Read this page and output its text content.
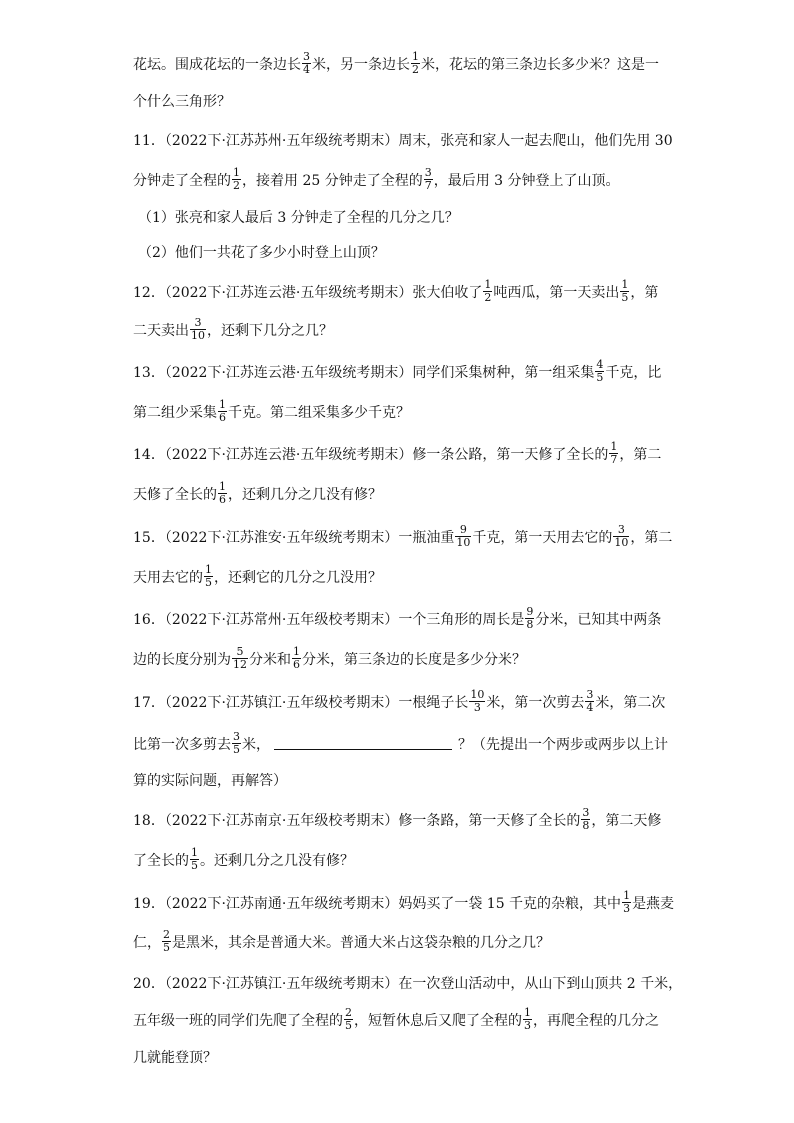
花坛。围成花坛的一条边长 $\frac{3}{4}$ 米，另一条边长 $\frac{1}{2}$ 米，花坛的第三条边长多少米？这是一
个什么三角形？
11．（2022下·江苏苏州·五年级统考期末）周末，张亮和家人一起去爬山，他们先用 30
分钟走了全程的 $\frac{1}{2}$ ，接着用 25 分钟走了全程的 $\frac{3}{7}$ ，最后用 3 分钟登上了山顶。
（1）张亮和家人最后 3 分钟走了全程的几分之几？
（2）他们一共花了多少小时登上山顶？
12．（2022下·江苏连云港·五年级统考期末）张大伯收了 $\frac{1}{2}$ 吨西瓜，第一天卖出 $\frac{1}{5}$ ，第
二天卖出 $\frac{3}{10}$ ，还剩下几分之几？
13．（2022下·江苏连云港·五年级统考期末）同学们采集树种，第一组采集 $\frac{4}{5}$ 千克，比
第二组少采集 $\frac{1}{6}$ 千克。第二组采集多少千克？
14．（2022下·江苏连云港·五年级统考期末）修一条公路，第一天修了全长的 $\frac{1}{7}$ ，第二
天修了全长的 $\frac{1}{6}$ ，还剩几分之几没有修？
15．（2022下·江苏淮安·五年级统考期末）一瓶油重 $\frac{9}{10}$ 千克，第一天用去它的 $\frac{3}{10}$ ，第二
天用去它的 $\frac{1}{5}$ ，还剩它的几分之几没用？
16．（2022下·江苏常州·五年级校考期末）一个三角形的周长是 $\frac{9}{8}$ 分米，已知其中两条
边的长度分别为 $\frac{5}{12}$ 分米和 $\frac{1}{6}$ 分米，第三条边的长度是多少分米？
17．（2022下·江苏镇江·五年级校考期末）一根绳子长 $\frac{10}{3}$ 米，第一次剪去 $\frac{3}{4}$ 米，第二次
比第一次多剪去 $\frac{3}{5}$ 米，	？（先提出一个两步或两步以上计
算的实际问题，再解答）
18．（2022下·江苏南京·五年级校考期末）修一条路，第一天修了全长的 $\frac{3}{8}$ ，第二天修
了全长的 $\frac{1}{5}$ 。还剩几分之几没有修？
19．（2022下·江苏南通·五年级统考期末）妈妈买了一袋 15 千克的杂粮，其中 $\frac{1}{3}$ 是燕麦
仁， $\frac{2}{5}$ 是黑米，其余是普通大米。普通大米占这袋杂粮的几分之几？
20．（2022下·江苏镇江·五年级统考期末）在一次登山活动中，从山下到山顶共 2 千米，
五年级一班的同学们先爬了全程的 $\frac{2}{5}$ ，短暂休息后又爬了全程的 $\frac{1}{3}$ ，再爬全程的几分之
几就能登顶？
